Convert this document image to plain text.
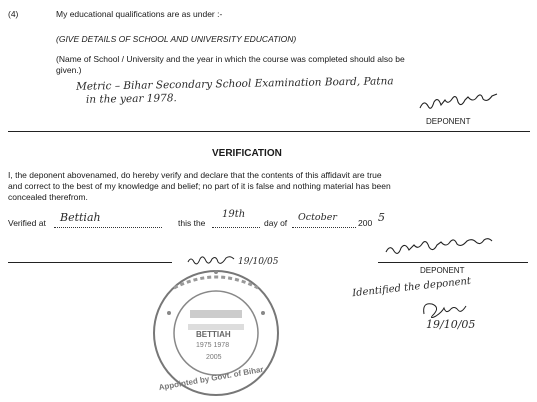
(4)	My educational qualifications are as under :-
(GIVE DETAILS OF SCHOOL AND UNIVERSITY EDUCATION)
(Name of School / University and the year in which the course was completed should also be
given.)
Metric – Bihar Secondary School Examination Board, Patna
in the year 1978.
DEPONENT
VERIFICATION
I, the deponent abovenamed, do hereby verify and declare that the contents of this affidavit are true
and correct to the best of my knowledge and belief; no part of it is false and nothing material has been
concealed therefrom.
Verified at Bettiah	this the
19th
day of October 200 5
19/10/05
DEPONENT
Identified the deponent
19/10/05
BETTIAH
1975 1978
2005
Appointed by Govt. of Bihar
